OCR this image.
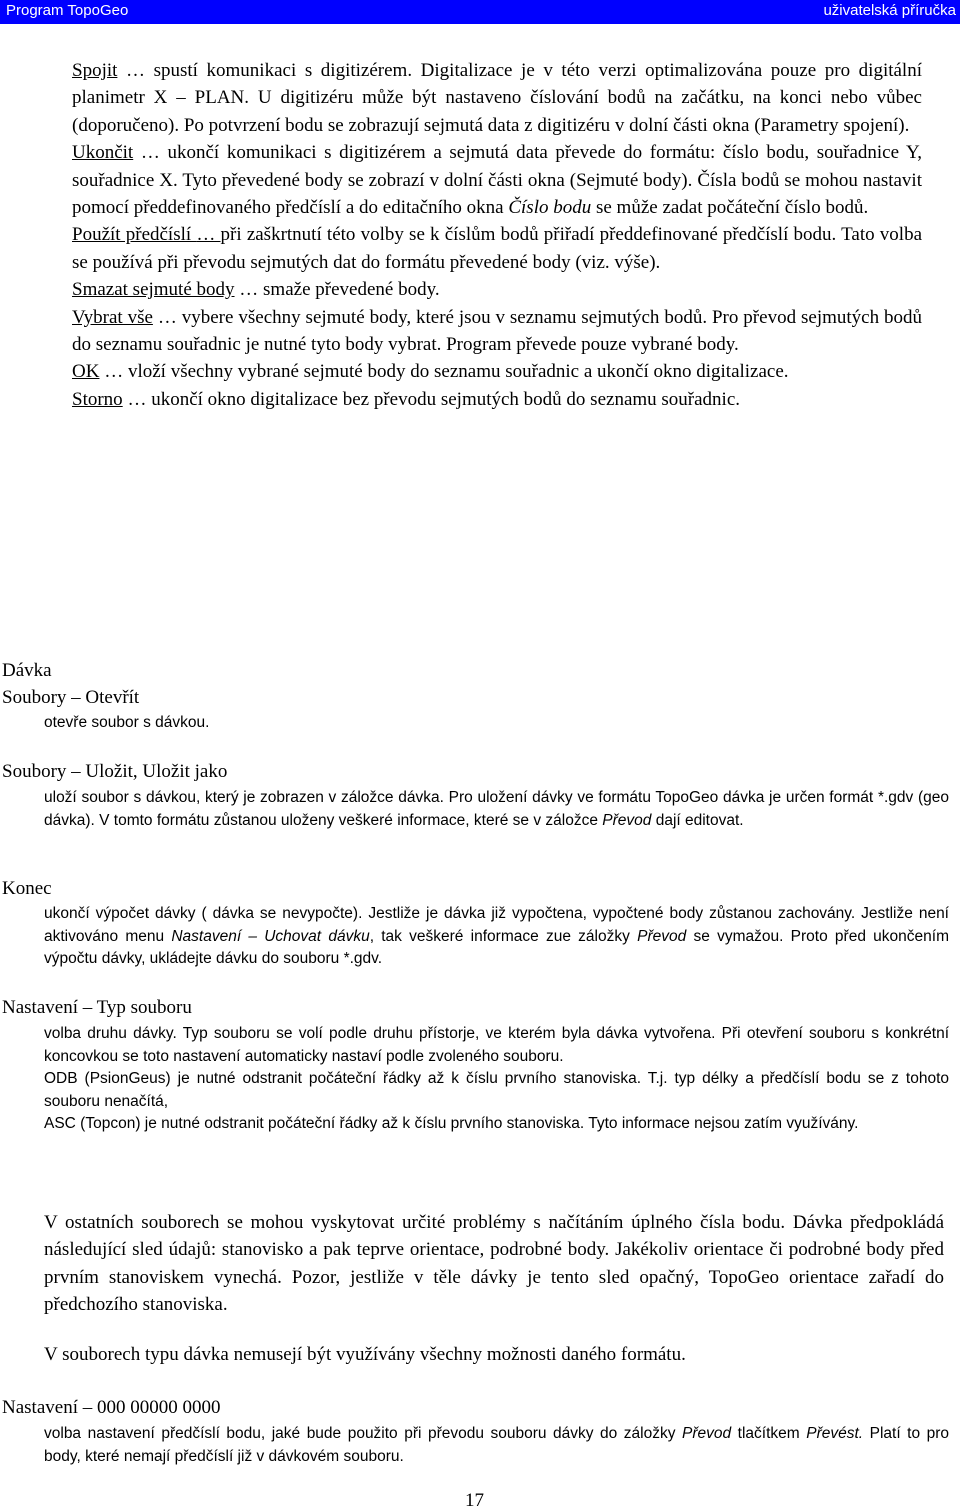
Program TopoGeo	uživatelská příručka

Spojit … spustí komunikaci s digitizérem. Digitalizace je v této verzi optimalizována pouze pro digitální planimetr X – PLAN. U digitizéru může být nastaveno číslování bodů na začátku, na konci nebo vůbec (doporučeno). Po potvrzení bodu se zobrazují sejmutá data z digitizéru v dolní části okna (Parametry spojení).

Ukončit … ukončí komunikaci s digitizérem a sejmutá data převede do formátu: číslo bodu, souřadnice Y, souřadnice X. Tyto převedené body se zobrazí v dolní části okna (Sejmuté body). Čísla bodů se mohou nastavit pomocí předdefinovaného předčíslí a do editačního okna Číslo bodu se může zadat počáteční číslo bodů.

Použít předčíslí … při zaškrtnutí této volby se k číslům bodů přiřadí předdefinované předčíslí bodu. Tato volba se používá při převodu sejmutých dat do formátu převedené body (viz. výše).

Smazat sejmuté body … smaže převedené body.

Vybrat vše … vybere všechny sejmuté body, které jsou v seznamu sejmutých bodů. Pro převod sejmutých bodů do seznamu souřadnic je nutné tyto body vybrat. Program převede pouze vybrané body.

OK … vloží všechny vybrané sejmuté body do seznamu souřadnic a ukončí okno digitalizace.

Storno … ukončí okno digitalizace bez převodu sejmutých bodů do seznamu souřadnic.

Dávka
Soubory – Otevřít
otevře soubor s dávkou.
Soubory – Uložit, Uložit jako

uloží soubor s dávkou, který je zobrazen v záložce dávka. Pro uložení dávky ve formátu TopoGeo dávka je určen formát *.gdv (geo dávka). V tomto formátu zůstanou uloženy veškeré informace, které se v záložce Převod dají editovat.

Konec

ukončí výpočet dávky ( dávka se nevypočte). Jestliže je dávka již vypočtena, vypočtené body zůstanou zachovány. Jestliže není aktivováno menu Nastavení – Uchovat dávku, tak veškeré informace zue záložky Převod se vymažou. Proto před ukončením výpočtu dávky, ukládejte dávku do souboru *.gdv.

Nastavení – Typ souboru

volba druhu dávky. Typ souboru se volí podle druhu přístorje, ve kterém byla dávka vytvořena. Při otevření souboru s konkrétní koncovkou se toto nastavení automaticky nastaví podle zvoleného souboru.

ODB (PsionGeus) je nutné odstranit počáteční řádky až k číslu prvního stanoviska. T.j. typ délky a předčíslí bodu se z tohoto souboru nenačítá,

ASC (Topcon) je nutné odstranit počáteční řádky až k číslu prvního stanoviska. Tyto informace nejsou zatím využívány.

V ostatních souborech se mohou vyskytovat určité problémy s načítáním úplného čísla bodu. Dávka předpokládá následující sled údajů: stanovisko a pak teprve orientace, podrobné body. Jakékoliv orientace či podrobné body před prvním stanoviskem vynechá. Pozor, jestliže v těle dávky je tento sled opačný, TopoGeo orientace zařadí do předchozího stanoviska.

V souborech typu dávka nemusejí být využívány všechny možnosti daného formátu.

Nastavení – 000 00000 0000

volba nastavení předčíslí bodu, jaké bude použito při převodu souboru dávky do záložky Převod tlačítkem Převést. Platí to pro body, které nemají předčíslí již v dávkovém souboru.

17
